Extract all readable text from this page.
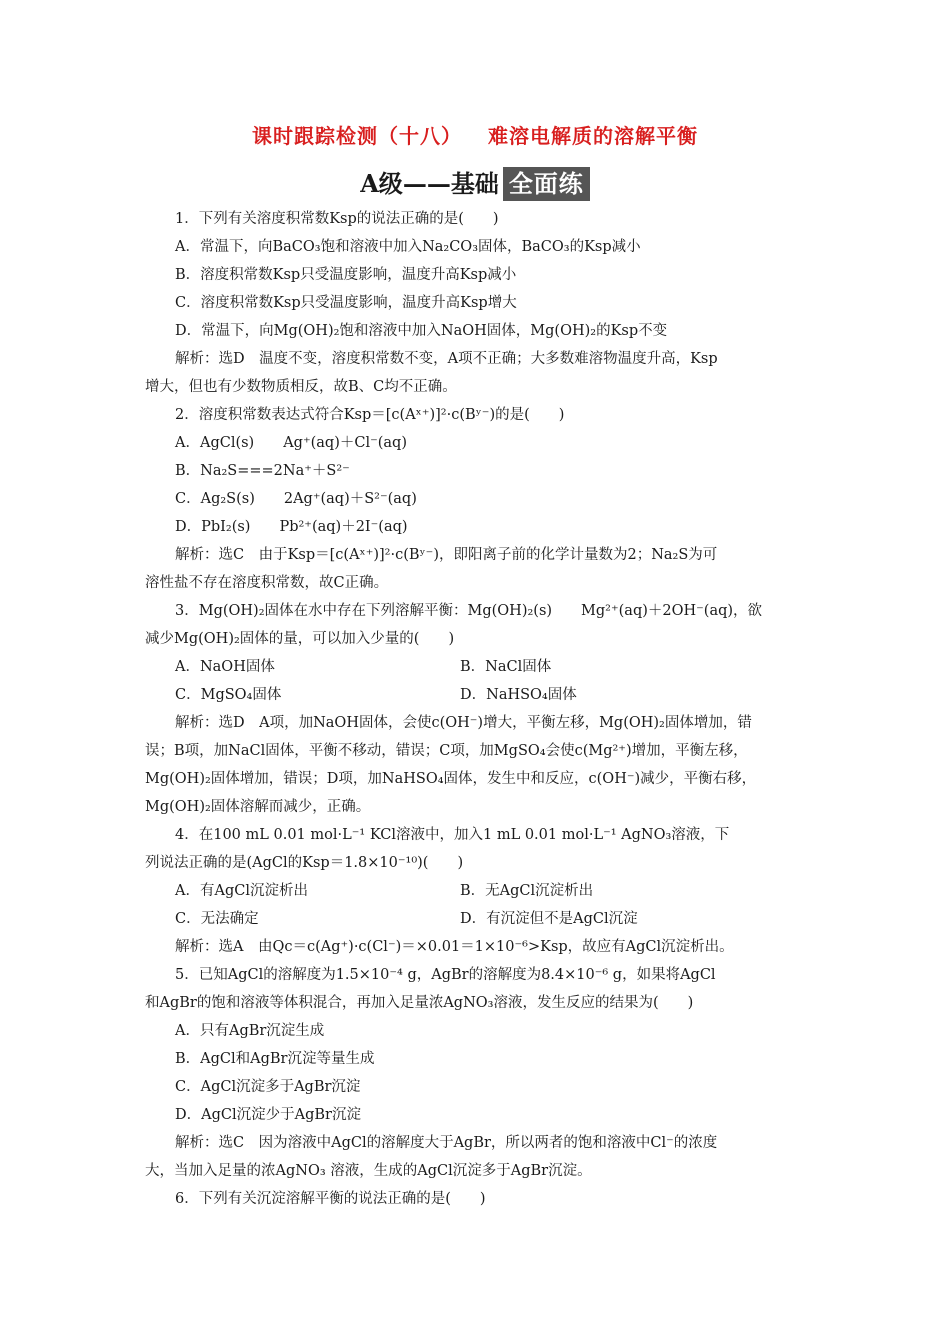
课时跟踪检测（十八） 难溶电解质的溶解平衡
A级——基础 全面练
1．下列有关溶度积常数Ksp的说法正确的是(　　)
A．常温下，向BaCO₃饱和溶液中加入Na₂CO₃固体，BaCO₃的Ksp减小
B．溶度积常数Ksp只受温度影响，温度升高Ksp减小
C．溶度积常数Ksp只受温度影响，温度升高Ksp增大
D．常温下，向Mg(OH)₂饱和溶液中加入NaOH固体，Mg(OH)₂的Ksp不变
解析：选D　温度不变，溶度积常数不变，A项不正确；大多数难溶物温度升高，Ksp
增大，但也有少数物质相反，故B、C均不正确。
2．溶度积常数表达式符合Ksp＝[c(Aˣ⁺)]²·c(Bʸ⁻)的是(　　)
A．AgCl(s)　　Ag⁺(aq)＋Cl⁻(aq)
B．Na₂S===2Na⁺＋S²⁻
C．Ag₂S(s)　　2Ag⁺(aq)＋S²⁻(aq)
D．PbI₂(s)　　Pb²⁺(aq)＋2I⁻(aq)
解析：选C　由于Ksp＝[c(Aˣ⁺)]²·c(Bʸ⁻)，即阳离子前的化学计量数为2；Na₂S为可
溶性盐不存在溶度积常数，故C正确。
3．Mg(OH)₂固体在水中存在下列溶解平衡：Mg(OH)₂(s)　　Mg²⁺(aq)＋2OH⁻(aq)，欲
减少Mg(OH)₂固体的量，可以加入少量的(　　)
A．NaOH固体	B．NaCl固体
C．MgSO₄固体	D．NaHSO₄固体
解析：选D　A项，加NaOH固体，会使c(OH⁻)增大，平衡左移，Mg(OH)₂固体增加，错
误；B项，加NaCl固体，平衡不移动，错误；C项，加MgSO₄会使c(Mg²⁺)增加，平衡左移，
Mg(OH)₂固体增加，错误；D项，加NaHSO₄固体，发生中和反应，c(OH⁻)减少，平衡右移，
Mg(OH)₂固体溶解而减少，正确。
4．在100 mL 0.01 mol·L⁻¹ KCl溶液中，加入1 mL 0.01 mol·L⁻¹ AgNO₃溶液，下
列说法正确的是(AgCl的Ksp＝1.8×10⁻¹⁰)(　　)
A．有AgCl沉淀析出	B．无AgCl沉淀析出
C．无法确定	D．有沉淀但不是AgCl沉淀
解析：选A　由Qc＝c(Ag⁺)·c(Cl⁻)＝×0.01＝1×10⁻⁶>Ksp，故应有AgCl沉淀析出。
5．已知AgCl的溶解度为1.5×10⁻⁴ g，AgBr的溶解度为8.4×10⁻⁶ g，如果将AgCl
和AgBr的饱和溶液等体积混合，再加入足量浓AgNO₃溶液，发生反应的结果为(　　)
A．只有AgBr沉淀生成
B．AgCl和AgBr沉淀等量生成
C．AgCl沉淀多于AgBr沉淀
D．AgCl沉淀少于AgBr沉淀
解析：选C　因为溶液中AgCl的溶解度大于AgBr，所以两者的饱和溶液中Cl⁻的浓度
大，当加入足量的浓AgNO₃ 溶液，生成的AgCl沉淀多于AgBr沉淀。
6．下列有关沉淀溶解平衡的说法正确的是(　　)
